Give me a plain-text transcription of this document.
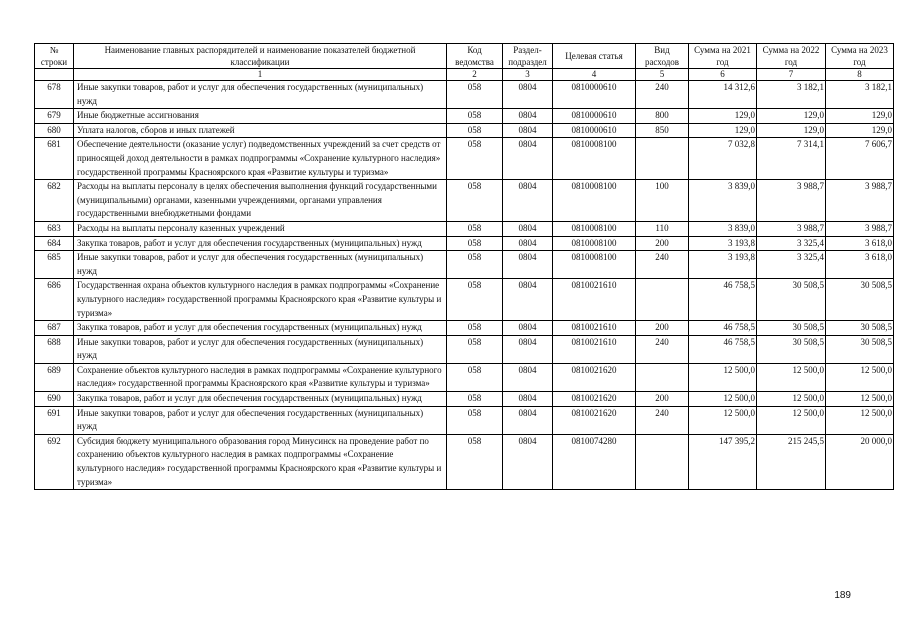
№ строки	Наименование главных распорядителей и наименование показателей бюджетной классификации	Код ведомства	Раздел-подраздел	Целевая статья	Вид расходов	Сумма на 2021 год	Сумма на 2022 год	Сумма на 2023 год
	1	2	3	4	5	6	7	8
678	Иные закупки товаров, работ и услуг для обеспечения государственных (муниципальных) нужд	058	0804	0810000610	240	14 312,6	3 182,1	3 182,1
679	Иные бюджетные ассигнования	058	0804	0810000610	800	129,0	129,0	129,0
680	Уплата налогов, сборов и иных платежей	058	0804	0810000610	850	129,0	129,0	129,0
681	Обеспечение деятельности (оказание услуг) подведомственных учреждений за счет средств от приносящей доход деятельности в рамках подпрограммы «Сохранение культурного наследия» государственной программы Красноярского края «Развитие культуры и туризма»	058	0804	0810008100		7 032,8	7 314,1	7 606,7
682	Расходы на выплаты персоналу в целях обеспечения выполнения функций государственными (муниципальными) органами, казенными учреждениями, органами управления государственными внебюджетными фондами	058	0804	0810008100	100	3 839,0	3 988,7	3 988,7
683	Расходы на выплаты персоналу казенных учреждений	058	0804	0810008100	110	3 839,0	3 988,7	3 988,7
684	Закупка товаров, работ и услуг для обеспечения государственных (муниципальных) нужд	058	0804	0810008100	200	3 193,8	3 325,4	3 618,0
685	Иные закупки товаров, работ и услуг для обеспечения государственных (муниципальных) нужд	058	0804	0810008100	240	3 193,8	3 325,4	3 618,0
686	Государственная охрана объектов культурного наследия в рамках подпрограммы «Сохранение культурного наследия» государственной программы Красноярского края «Развитие культуры и туризма»	058	0804	0810021610		46 758,5	30 508,5	30 508,5
687	Закупка товаров, работ и услуг для обеспечения государственных (муниципальных) нужд	058	0804	0810021610	200	46 758,5	30 508,5	30 508,5
688	Иные закупки товаров, работ и услуг для обеспечения государственных (муниципальных) нужд	058	0804	0810021610	240	46 758,5	30 508,5	30 508,5
689	Сохранение объектов культурного наследия в рамках подпрограммы «Сохранение культурного наследия» государственной программы Красноярского края «Развитие культуры и туризма»	058	0804	0810021620		12 500,0	12 500,0	12 500,0
690	Закупка товаров, работ и услуг для обеспечения государственных (муниципальных) нужд	058	0804	0810021620	200	12 500,0	12 500,0	12 500,0
691	Иные закупки товаров, работ и услуг для обеспечения государственных (муниципальных) нужд	058	0804	0810021620	240	12 500,0	12 500,0	12 500,0
692	Субсидия бюджету муниципального образования город Минусинск на проведение работ по сохранению объектов культурного наследия в рамках подпрограммы «Сохранение культурного наследия» государственной программы Красноярского края «Развитие культуры и туризма»	058	0804	0810074280		147 395,2	215 245,5	20 000,0
189
